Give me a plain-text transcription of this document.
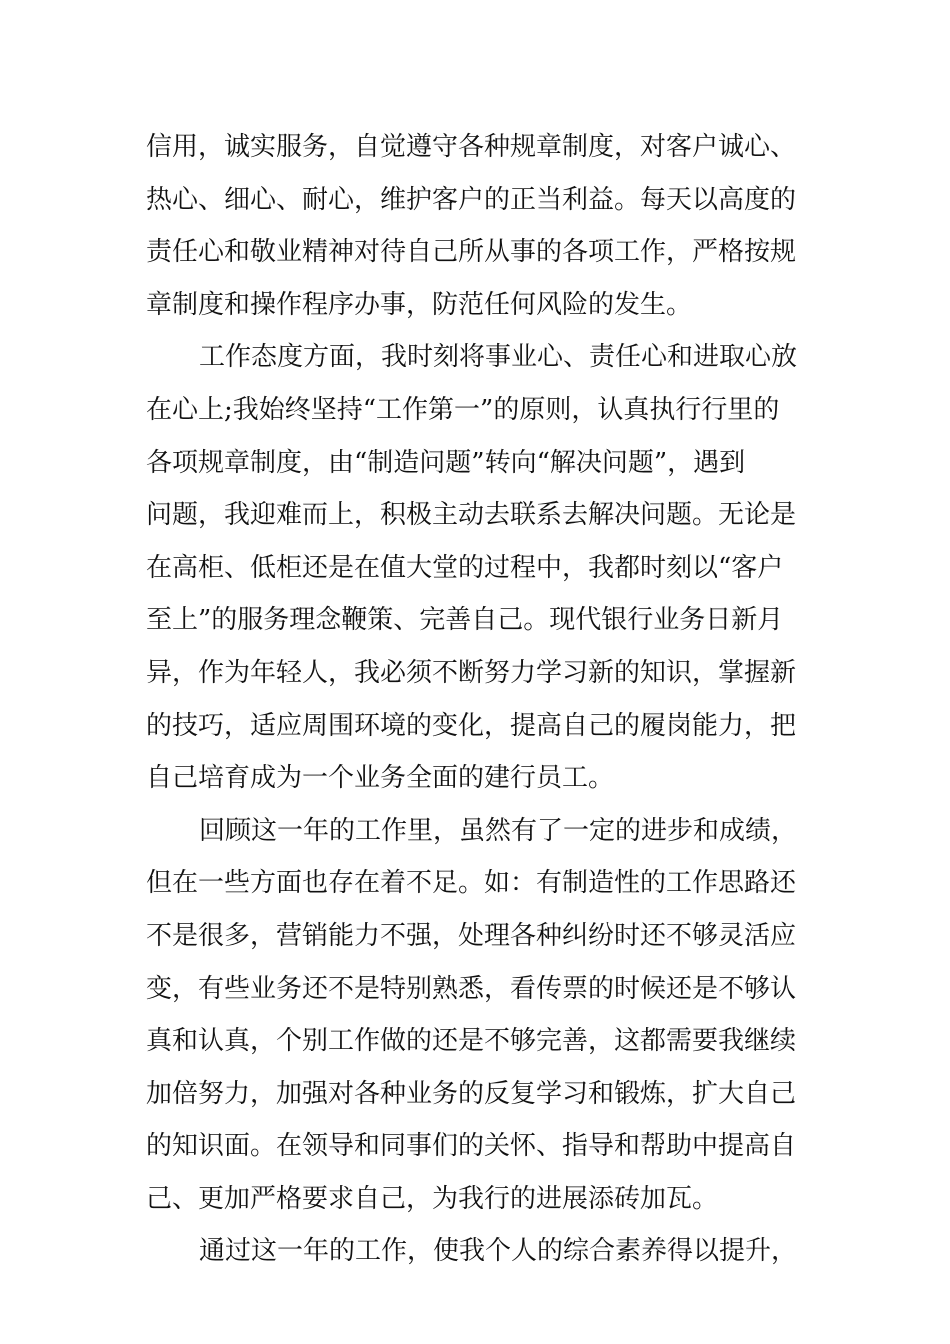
信用，诚实服务，自觉遵守各种规章制度，对客户诚心、
热心、细心、耐心，维护客户的正当利益。每天以高度的
责任心和敬业精神对待自己所从事的各项工作，严格按规
章制度和操作程序办事，防范任何风险的发生。
工作态度方面，我时刻将事业心、责任心和进取心放
在心上;我始终坚持“工作第一”的原则，认真执行行里的
各项规章制度，由“制造问题”转向“解决问题”，遇到
问题，我迎难而上，积极主动去联系去解决问题。无论是
在高柜、低柜还是在值大堂的过程中，我都时刻以“客户
至上”的服务理念鞭策、完善自己。现代银行业务日新月
异，作为年轻人，我必须不断努力学习新的知识，掌握新
的技巧，适应周围环境的变化，提高自己的履岗能力，把
自己培育成为一个业务全面的建行员工。
回顾这一年的工作里，虽然有了一定的进步和成绩，
但在一些方面也存在着不足。如：有制造性的工作思路还
不是很多，营销能力不强，处理各种纠纷时还不够灵活应
变，有些业务还不是特别熟悉，看传票的时候还是不够认
真和认真，个别工作做的还是不够完善，这都需要我继续
加倍努力，加强对各种业务的反复学习和锻炼，扩大自己
的知识面。在领导和同事们的关怀、指导和帮助中提高自
己、更加严格要求自己，为我行的进展添砖加瓦。
通过这一年的工作，使我个人的综合素养得以提升，
